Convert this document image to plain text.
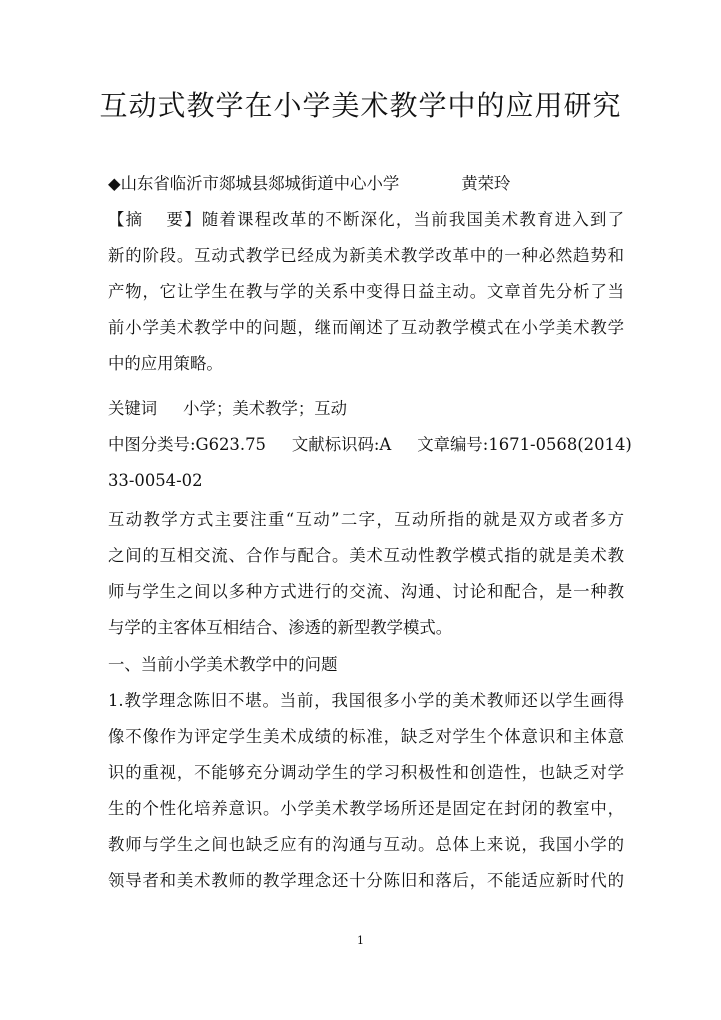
互动式教学在小学美术教学中的应用研究
◆山东省临沂市郯城县郯城街道中心小学	黄荣玲
【摘 要】随着课程改革的不断深化，当前我国美术教育进入到了
新的阶段。互动式教学已经成为新美术教学改革中的一种必然趋势和
产物，它让学生在教与学的关系中变得日益主动。文章首先分析了当
前小学美术教学中的问题，继而阐述了互动教学模式在小学美术教学
中的应用策略。
关键词 小学；美术教学；互动
中图分类号:G623.75 文献标识码:A 文章编号:1671-0568(2014)
33-0054-02
互动教学方式主要注重“互动”二字，互动所指的就是双方或者多方
之间的互相交流、合作与配合。美术互动性教学模式指的就是美术教
师与学生之间以多种方式进行的交流、沟通、讨论和配合，是一种教
与学的主客体互相结合、渗透的新型教学模式。
一、当前小学美术教学中的问题
1.教学理念陈旧不堪。当前，我国很多小学的美术教师还以学生画得
像不像作为评定学生美术成绩的标准，缺乏对学生个体意识和主体意
识的重视，不能够充分调动学生的学习积极性和创造性，也缺乏对学
生的个性化培养意识。小学美术教学场所还是固定在封闭的教室中，
教师与学生之间也缺乏应有的沟通与互动。总体上来说，我国小学的
领导者和美术教师的教学理念还十分陈旧和落后，不能适应新时代的
1
